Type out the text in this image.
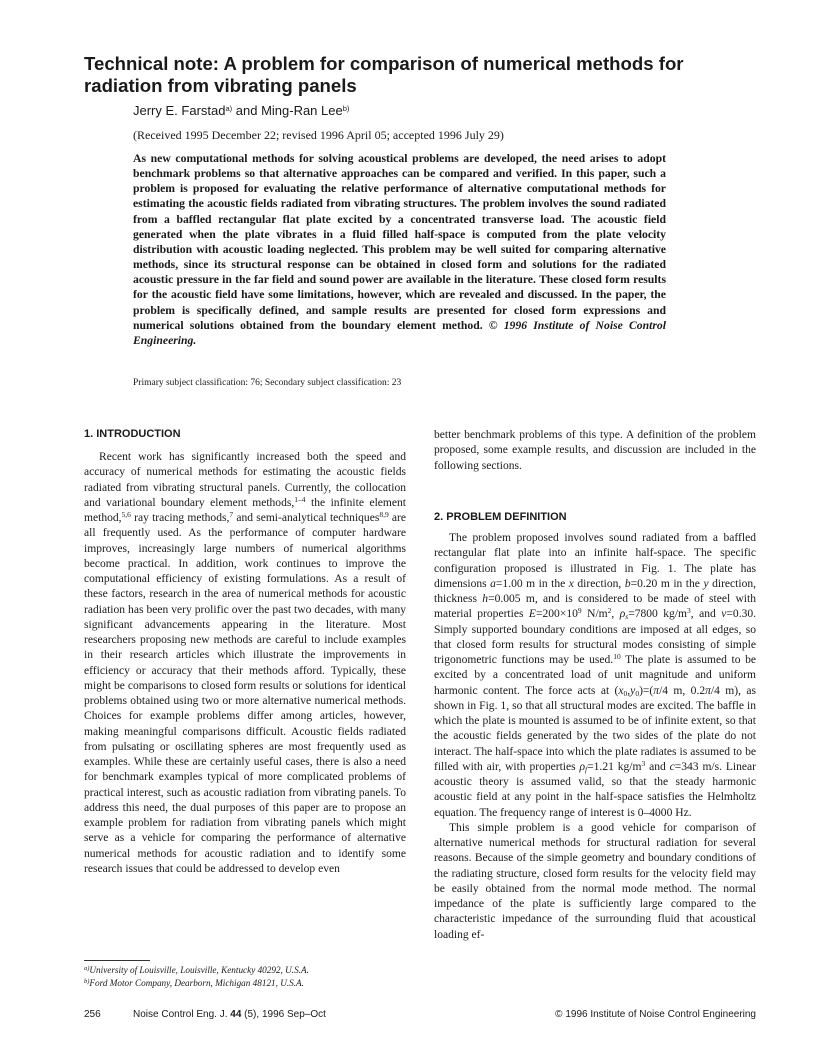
Technical note: A problem for comparison of numerical methods for radiation from vibrating panels
Jerry E. Farstad$^{a)}$ and Ming-Ran Lee$^{b)}$
(Received 1995 December 22; revised 1996 April 05; accepted 1996 July 29)

As new computational methods for solving acoustical problems are developed, the need arises to adopt benchmark problems so that alternative approaches can be compared and verified. In this paper, such a problem is proposed for evaluating the relative performance of alternative computational methods for estimating the acoustic fields radiated from vibrating structures. The problem involves the sound radiated from a baffled rectangular flat plate excited by a concentrated transverse load. The acoustic field generated when the plate vibrates in a fluid filled half-space is computed from the plate velocity distribution with acoustic loading neglected. This problem may be well suited for comparing alternative methods, since its structural response can be obtained in closed form and solutions for the radiated acoustic pressure in the far field and sound power are available in the literature. These closed form results for the acoustic field have some limitations, however, which are revealed and discussed. In the paper, the problem is specifically defined, and sample results are presented for closed form expressions and numerical solutions obtained from the boundary element method. © 1996 Institute of Noise Control Engineering.

Primary subject classification: 76; Secondary subject classification: 23
1. INTRODUCTION

Recent work has significantly increased both the speed and accuracy of numerical methods for estimating the acoustic fields radiated from vibrating structural panels. Currently, the collocation and variational boundary element methods,$^{1-4}$ the infinite element method,$^{5,6}$ ray tracing methods,$^7$ and semi-analytical techniques$^{8,9}$ are all frequently used. As the performance of computer hardware improves, increasingly large numbers of numerical algorithms become practical. In addition, work continues to improve the computational efficiency of existing formulations. As a result of these factors, research in the area of numerical methods for acoustic radiation has been very prolific over the past two decades, with many significant advancements appearing in the literature. Most researchers proposing new methods are careful to include examples in their research articles which illustrate the improvements in efficiency or accuracy that their methods afford. Typically, these might be comparisons to closed form results or solutions for identical problems obtained using two or more alternative numerical methods. Choices for example problems differ among articles, however, making meaningful comparisons difficult. Acoustic fields radiated from pulsating or oscillating spheres are most frequently used as examples. While these are certainly useful cases, there is also a need for benchmark examples typical of more complicated problems of practical interest, such as acoustic radiation from vibrating panels. To address this need, the dual purposes of this paper are to propose an example problem for radiation from vibrating panels which might serve as a vehicle for comparing the performance of alternative numerical methods for acoustic radiation and to identify some research issues that could be addressed to develop even

better benchmark problems of this type. A definition of the problem proposed, some example results, and discussion are included in the following sections.

2. PROBLEM DEFINITION

The problem proposed involves sound radiated from a baffled rectangular flat plate into an infinite half-space. The specific configuration proposed is illustrated in Fig. 1. The plate has dimensions a=1.00 m in the x direction, b=0.20 m in the y direction, thickness h=0.005 m, and is considered to be made of steel with material properties $E=200\times 10^9$ $N/m^2$, $\rho_s=7800$ $kg/m^3$, and ν=0.30. Simply supported boundary conditions are imposed at all edges, so that closed form results for structural modes consisting of simple trigonometric functions may be used.$^{10}$ The plate is assumed to be excited by a concentrated load of unit magnitude and uniform harmonic content. The force acts at $(x_0,y_0)=(\pi/4$ m, 0.2π/4 m), as shown in Fig. 1, so that all structural modes are excited. The baffle in which the plate is mounted is assumed to be of infinite extent, so that the acoustic fields generated by the two sides of the plate do not interact. The half-space into which the plate radiates is assumed to be filled with air, with properties $\rho_f=1.21$ $kg/m^3$ and c=343 m/s. Linear acoustic theory is assumed valid, so that the steady harmonic acoustic field at any point in the half-space satisfies the Helmholtz equation. The frequency range of interest is 0–4000 Hz.

This simple problem is a good vehicle for comparison of alternative numerical methods for structural radiation for several reasons. Because of the simple geometry and boundary conditions of the radiating structure, closed form results for the velocity field may be easily obtained from the normal mode method. The normal impedance of the plate is sufficiently large compared to the characteristic impedance of the surrounding fluid that acoustical loading ef-

$^{a)}$University of Louisville, Louisville, Kentucky 40292, U.S.A.
$^{b)}$Ford Motor Company, Dearborn, Michigan 48121, U.S.A.
256	Noise Control Eng. J. 44 (5), 1996 Sep–Oct	© 1996 Institute of Noise Control Engineering
